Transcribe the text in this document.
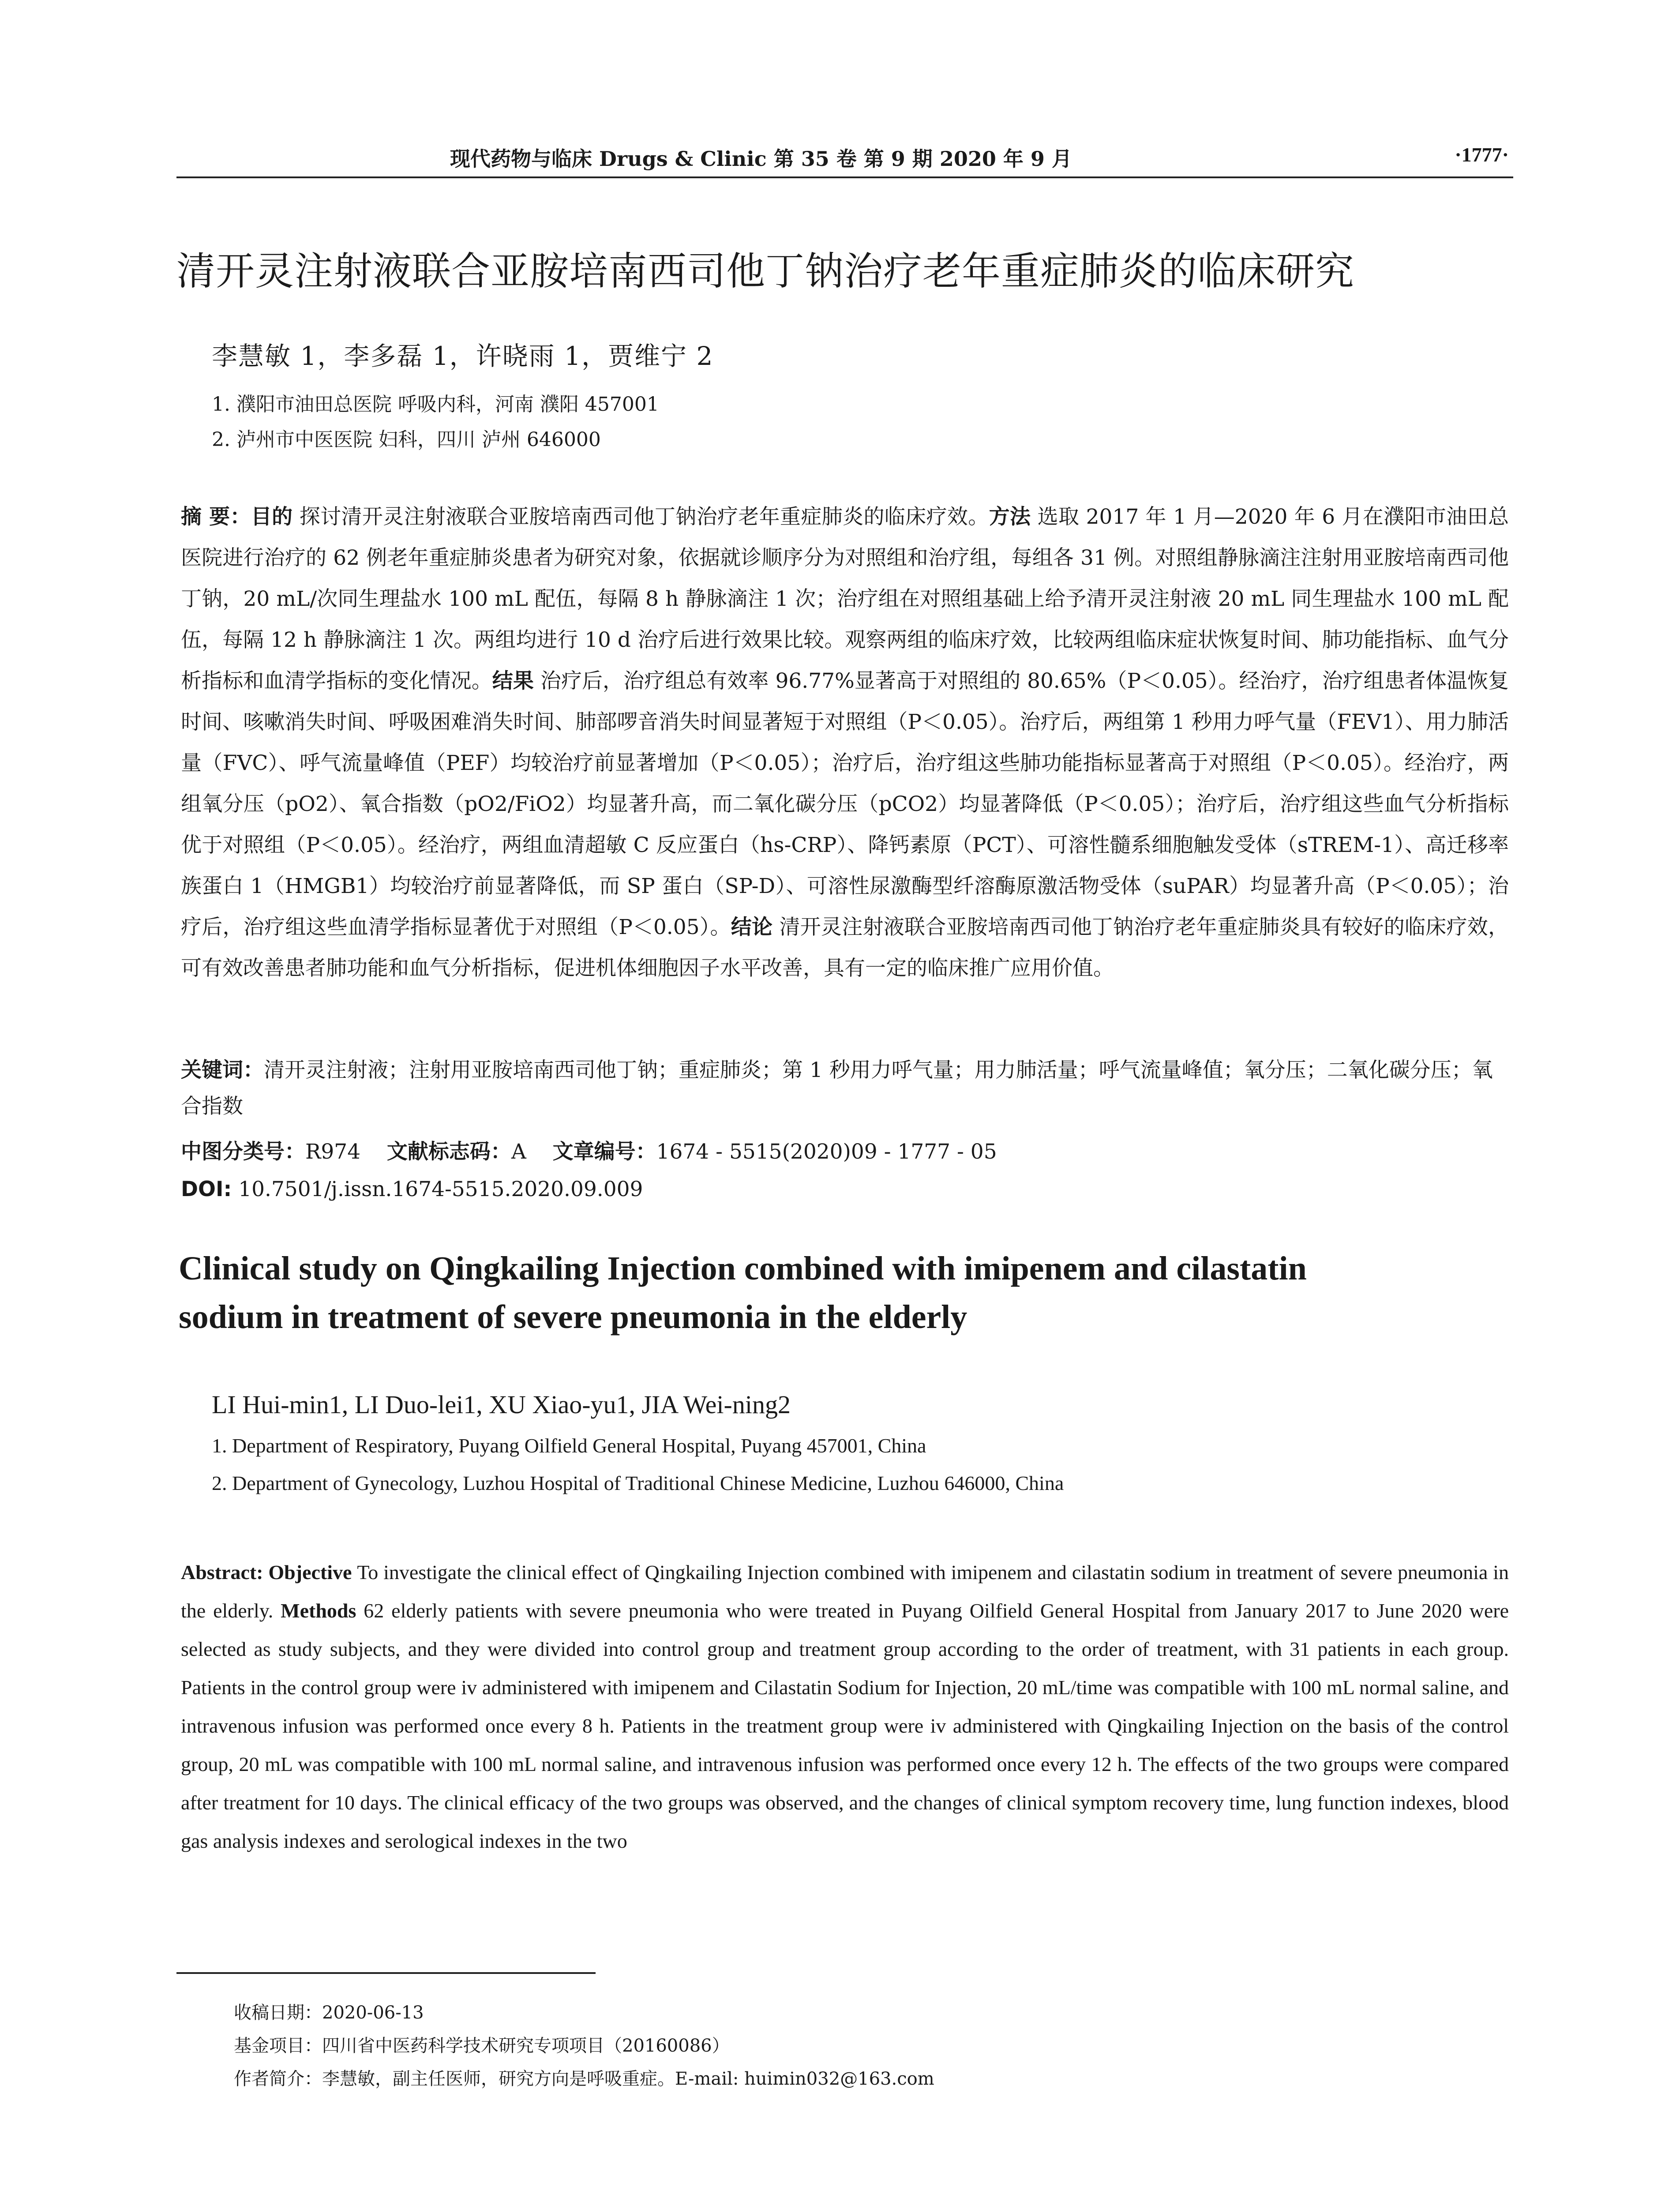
现代药物与临床 Drugs & Clinic 第 35 卷 第 9 期 2020 年 9 月	·1777·
清开灵注射液联合亚胺培南西司他丁钠治疗老年重症肺炎的临床研究
李慧敏 1，李多磊 1，许晓雨 1，贾维宁 2
1. 濮阳市油田总医院 呼吸内科，河南 濮阳 457001
2. 泸州市中医医院 妇科，四川 泸州 646000
摘 要：目的 探讨清开灵注射液联合亚胺培南西司他丁钠治疗老年重症肺炎的临床疗效。方法 选取 2017 年 1 月—2020 年 6 月在濮阳市油田总医院进行治疗的 62 例老年重症肺炎患者为研究对象，依据就诊顺序分为对照组和治疗组，每组各 31 例。对照组静脉滴注注射用亚胺培南西司他丁钠，20 mL/次同生理盐水 100 mL 配伍，每隔 8 h 静脉滴注 1 次；治疗组在对照组基础上给予清开灵注射液 20 mL 同生理盐水 100 mL 配伍，每隔 12 h 静脉滴注 1 次。两组均进行 10 d 治疗后进行效果比较。观察两组的临床疗效，比较两组临床症状恢复时间、肺功能指标、血气分析指标和血清学指标的变化情况。结果 治疗后，治疗组总有效率 96.77%显著高于对照组的 80.65%（P＜0.05）。经治疗，治疗组患者体温恢复时间、咳嗽消失时间、呼吸困难消失时间、肺部啰音消失时间显著短于对照组（P＜0.05）。治疗后，两组第 1 秒用力呼气量（FEV1）、用力肺活量（FVC）、呼气流量峰值（PEF）均较治疗前显著增加（P＜0.05）；治疗后，治疗组这些肺功能指标显著高于对照组（P＜0.05）。经治疗，两组氧分压（pO2）、氧合指数（pO2/FiO2）均显著升高，而二氧化碳分压（pCO2）均显著降低（P＜0.05）；治疗后，治疗组这些血气分析指标优于对照组（P＜0.05）。经治疗，两组血清超敏 C 反应蛋白（hs-CRP）、降钙素原（PCT）、可溶性髓系细胞触发受体（sTREM-1）、高迁移率族蛋白 1（HMGB1）均较治疗前显著降低，而 SP 蛋白（SP-D）、可溶性尿激酶型纤溶酶原激活物受体（suPAR）均显著升高（P＜0.05）；治疗后，治疗组这些血清学指标显著优于对照组（P＜0.05）。结论 清开灵注射液联合亚胺培南西司他丁钠治疗老年重症肺炎具有较好的临床疗效，可有效改善患者肺功能和血气分析指标，促进机体细胞因子水平改善，具有一定的临床推广应用价值。
关键词：清开灵注射液；注射用亚胺培南西司他丁钠；重症肺炎；第 1 秒用力呼气量；用力肺活量；呼气流量峰值；氧分压；二氧化碳分压；氧合指数
中图分类号：R974 文献标志码：A 文章编号：1674 - 5515(2020)09 - 1777 - 05
DOI: 10.7501/j.issn.1674-5515.2020.09.009
Clinical study on Qingkailing Injection combined with imipenem and cilastatin
sodium in treatment of severe pneumonia in the elderly
LI Hui-min1, LI Duo-lei1, XU Xiao-yu1, JIA Wei-ning2
1. Department of Respiratory, Puyang Oilfield General Hospital, Puyang 457001, China
2. Department of Gynecology, Luzhou Hospital of Traditional Chinese Medicine, Luzhou 646000, China
Abstract: Objective To investigate the clinical effect of Qingkailing Injection combined with imipenem and cilastatin sodium in treatment of severe pneumonia in the elderly. Methods 62 elderly patients with severe pneumonia who were treated in Puyang Oilfield General Hospital from January 2017 to June 2020 were selected as study subjects, and they were divided into control group and treatment group according to the order of treatment, with 31 patients in each group. Patients in the control group were iv administered with imipenem and Cilastatin Sodium for Injection, 20 mL/time was compatible with 100 mL normal saline, and intravenous infusion was performed once every 8 h. Patients in the treatment group were iv administered with Qingkailing Injection on the basis of the control group, 20 mL was compatible with 100 mL normal saline, and intravenous infusion was performed once every 12 h. The effects of the two groups were compared after treatment for 10 days. The clinical efficacy of the two groups was observed, and the changes of clinical symptom recovery time, lung function indexes, blood gas analysis indexes and serological indexes in the two
收稿日期：2020-06-13
基金项目：四川省中医药科学技术研究专项项目（20160086）
作者简介：李慧敏，副主任医师，研究方向是呼吸重症。E-mail: huimin032@163.com
